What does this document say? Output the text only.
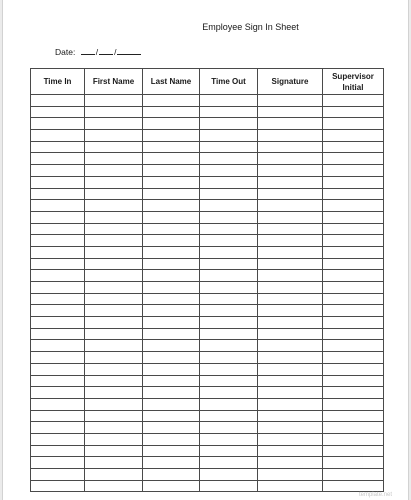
Employee Sign In Sheet
Date: / /
Time In	First Name	Last Name	Time Out	Signature	Supervisor Initial

template.net
